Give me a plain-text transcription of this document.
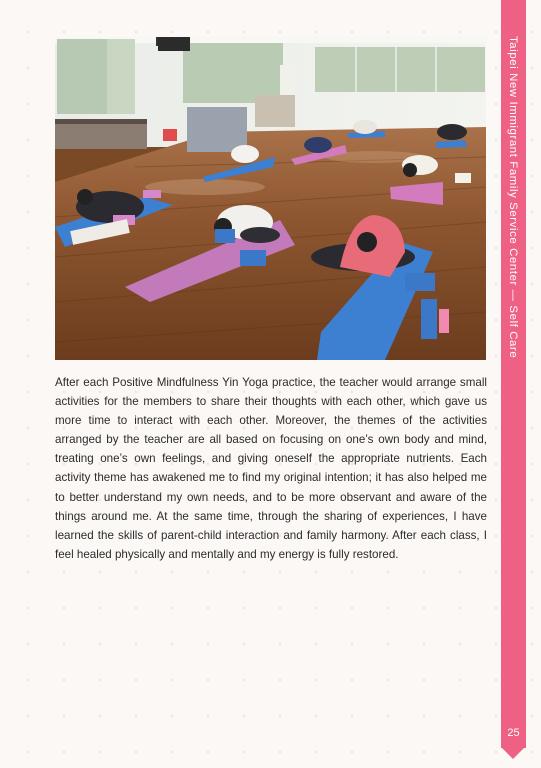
After each Positive Mindfulness Yin Yoga practice, the teacher would arrange small activities for the members to share their thoughts with each other, which gave us more time to interact with each other. Moreover, the themes of the activities arranged by the teacher are all based on focusing on one’s own body and mind, treating one’s own feelings, and giving oneself the appropriate nutrients. Each activity theme has awakened me to find my original intention; it has also helped me to better understand my own needs, and to be more observant and aware of the things around me. At the same time, through the sharing of experiences, I have learned the skills of parent-child interaction and family harmony. After each class, I feel healed physically and mentally and my energy is fully restored.

Taipei New Immigrant Family Service Center — Self Care

25
